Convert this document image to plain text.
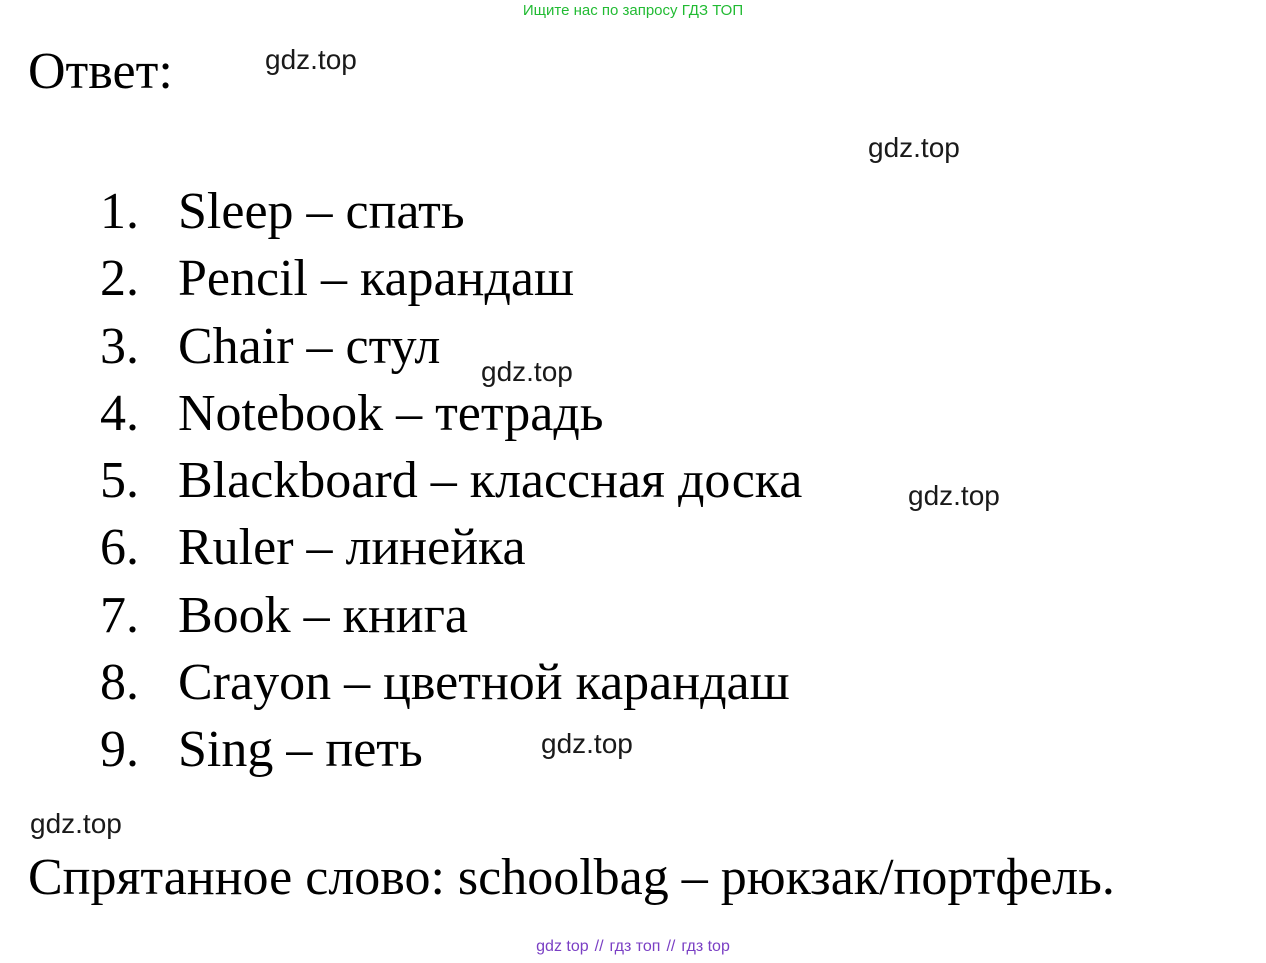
Ищите нас по запросу ГДЗ ТОП
Ответ:
1. Sleep – спать
2. Pencil – карандаш
3. Chair – стул
4. Notebook – тетрадь
5. Blackboard – классная доска
6. Ruler – линейка
7. Book – книга
8. Crayon – цветной карандаш
9. Sing – петь
Спрятанное слово: schoolbag – рюкзак/портфель.
gdz.top
gdz.top
gdz.top
gdz.top
gdz.top
gdz.top
gdz top // гдз топ // гдз top
